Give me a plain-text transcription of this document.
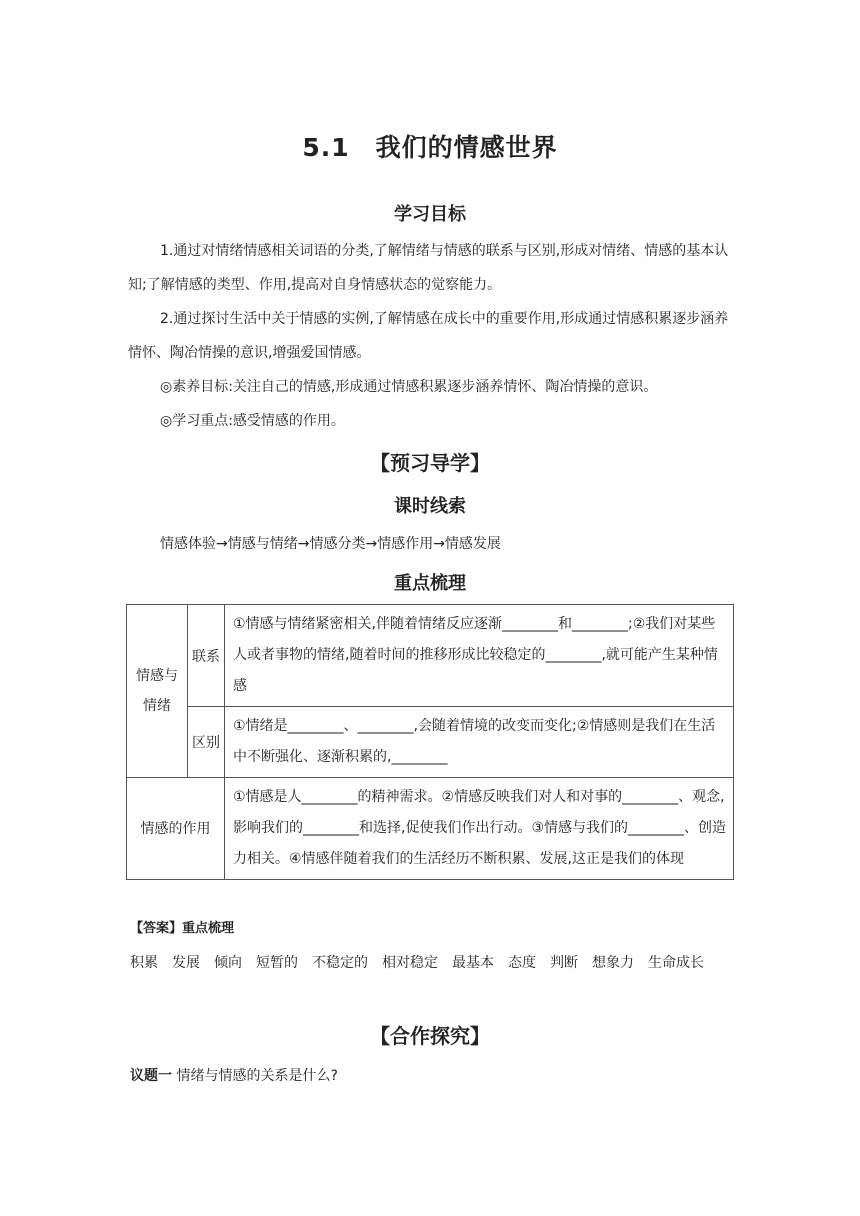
5.1　我们的情感世界
学习目标

1.通过对情绪情感相关词语的分类,了解情绪与情感的联系与区别,形成对情绪、情感的基本认知;了解情感的类型、作用,提高对自身情感状态的觉察能力。

2.通过探讨生活中关于情感的实例,了解情感在成长中的重要作用,形成通过情感积累逐步涵养情怀、陶冶情操的意识,增强爱国情感。

◎素养目标:关注自己的情感,形成通过情感积累逐步涵养情怀、陶冶情操的意识。

◎学习重点:感受情感的作用。

【预习导学】
课时线索
情感体验→情感与情绪→情感分类→情感作用→情感发展
重点梳理
情感与
情绪	联系	①情感与情绪紧密相关,伴随着情绪反应逐渐________和________;②我们对某些人或者事物的情绪,随着时间的推移形成比较稳定的________,就可能产生某种情感
	区别	①情绪是________、________,会随着情境的改变而变化;②情感则是我们在生活中不断强化、逐渐积累的,________
情感的作用		①情感是人________的精神需求。②情感反映我们对人和对事的________、观念,影响我们的________和选择,促使我们作出行动。③情感与我们的________、创造力相关。④情感伴随着我们的生活经历不断积累、发展,这正是我们的体现
【答案】重点梳理
积累　发展　倾向　短暂的　不稳定的　相对稳定　最基本　态度　判断　想象力　生命成长
【合作探究】
议题一 情绪与情感的关系是什么?
